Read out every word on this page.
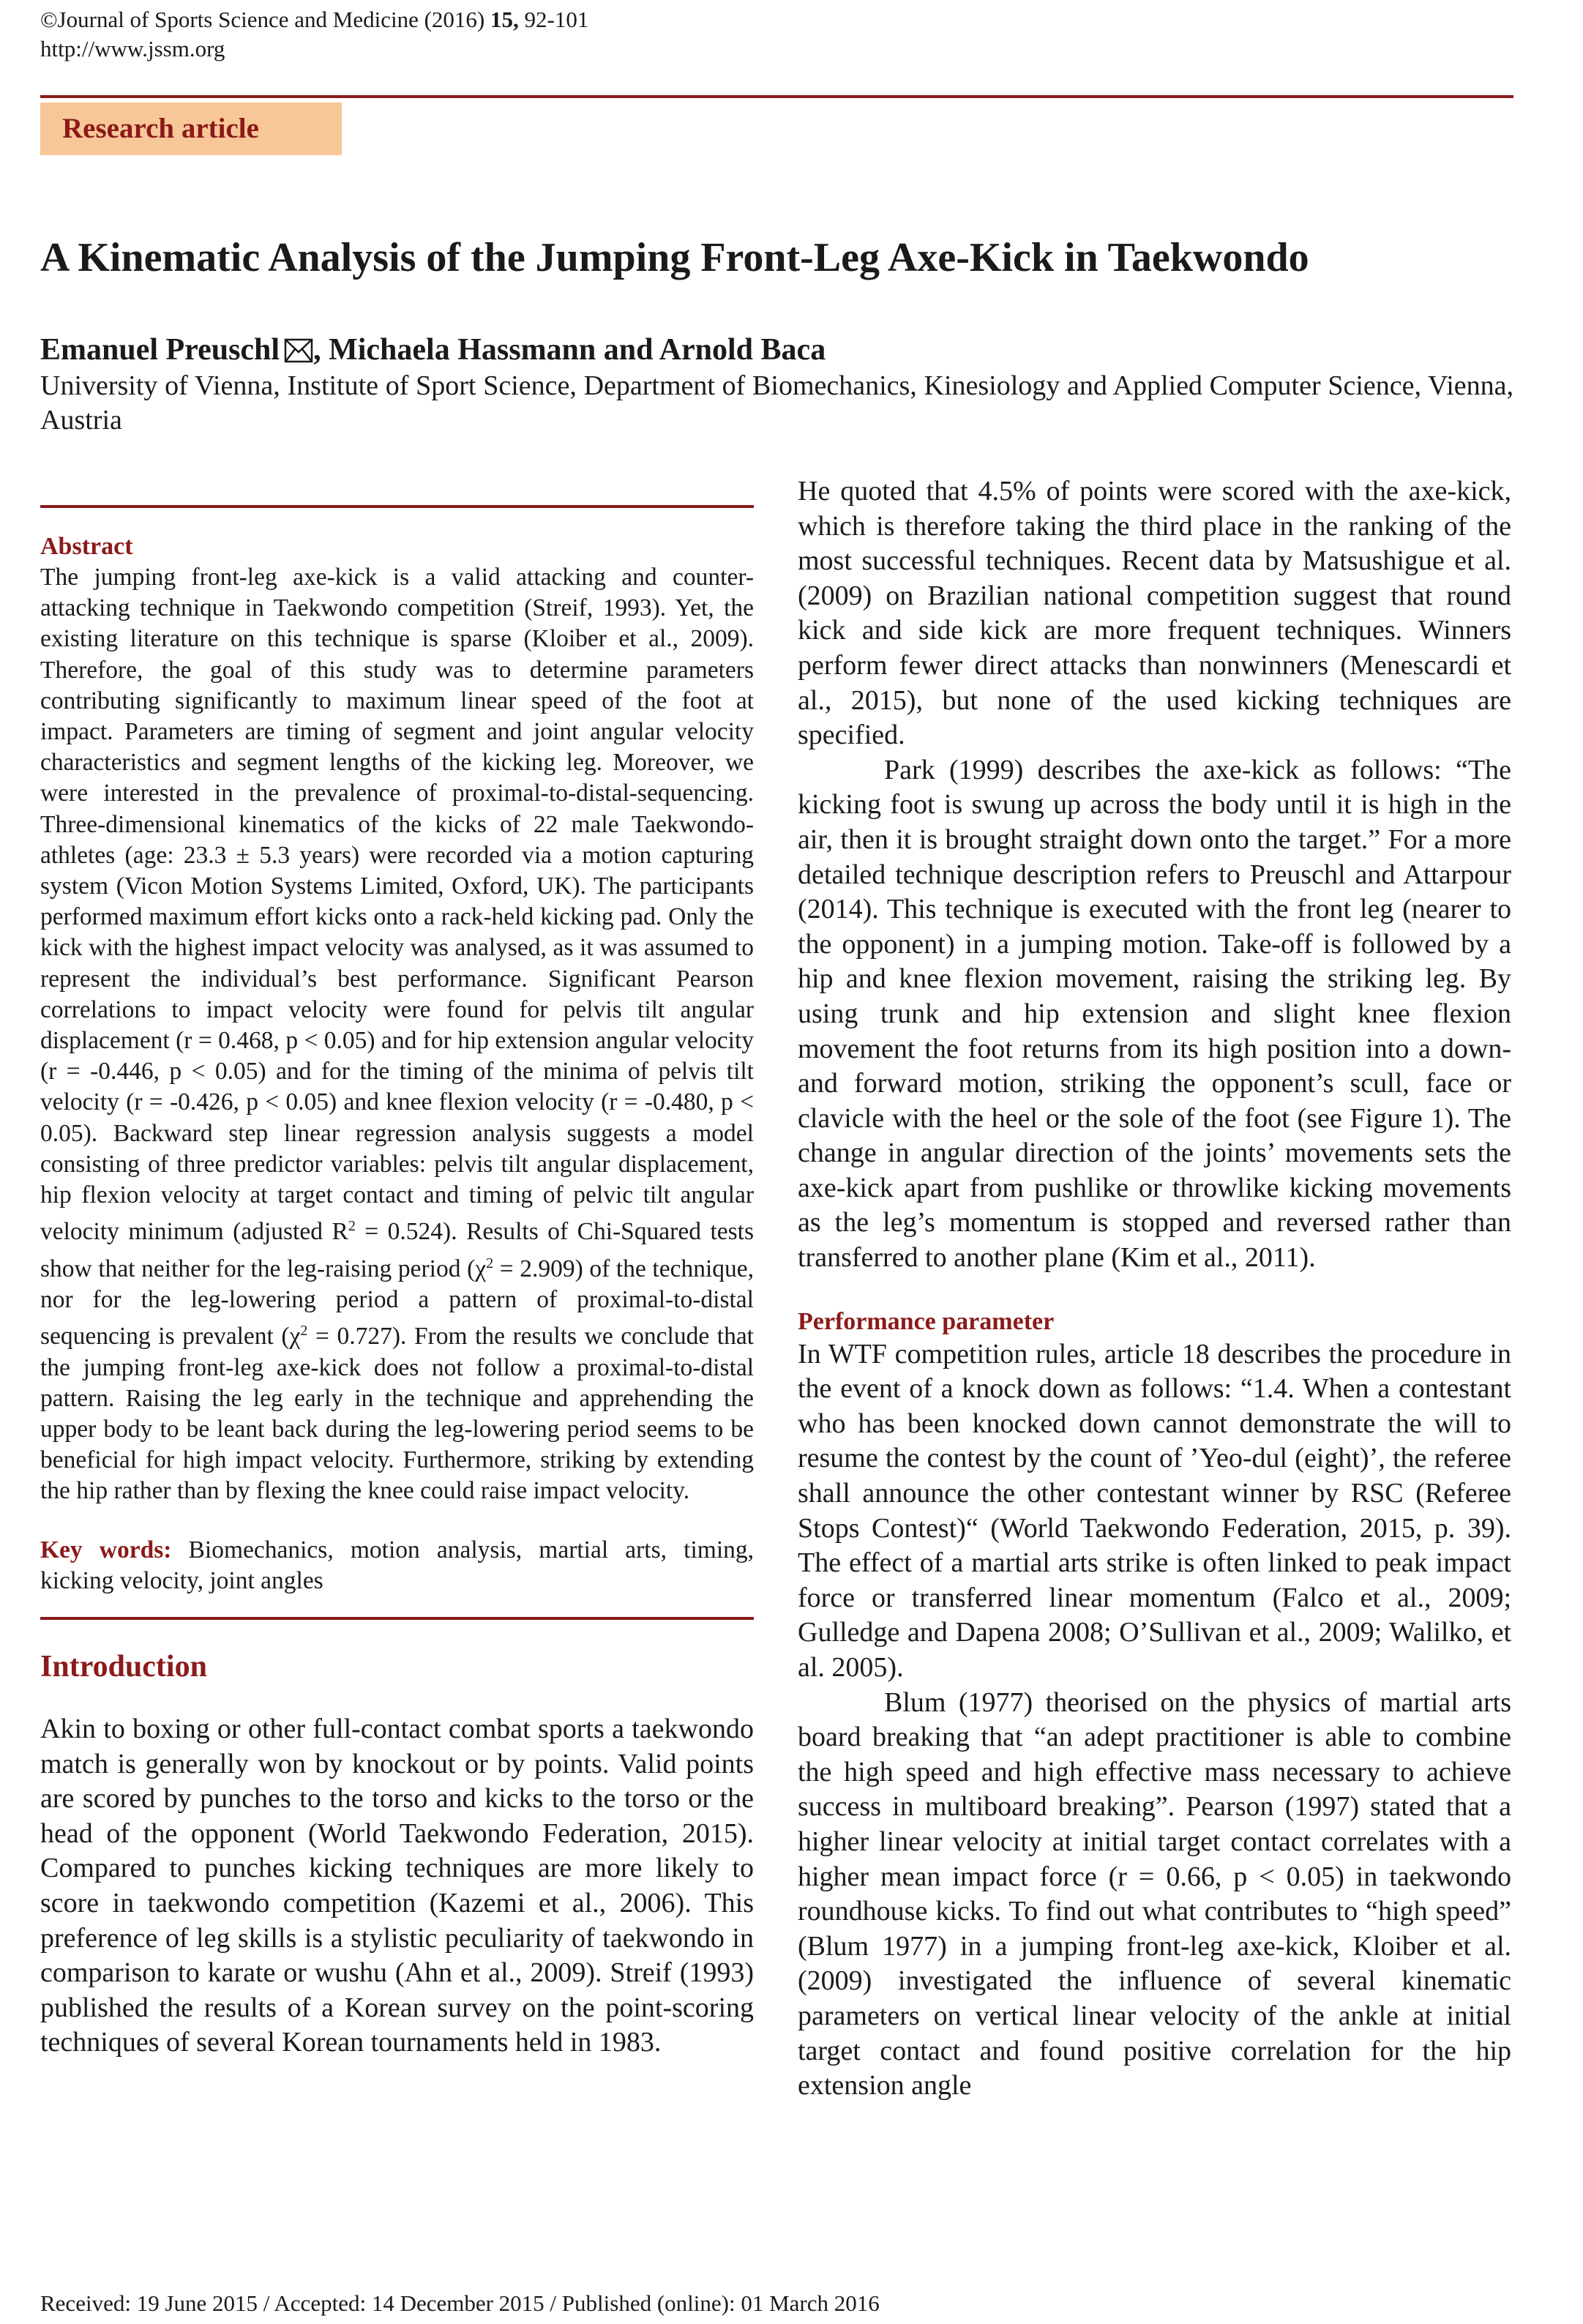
©Journal of Sports Science and Medicine (2016) 15, 92-101
http://www.jssm.org
Research article
A Kinematic Analysis of the Jumping Front-Leg Axe-Kick in Taekwondo
Emanuel Preuschl , Michaela Hassmann and Arnold Baca
University of Vienna, Institute of Sport Science, Department of Biomechanics, Kinesiology and Applied Computer Science, Vienna, Austria
Abstract

The jumping front-leg axe-kick is a valid attacking and counter-attacking technique in Taekwondo competition (Streif, 1993). Yet, the existing literature on this technique is sparse (Kloiber et al., 2009). Therefore, the goal of this study was to determine parameters contributing significantly to maximum linear speed of the foot at impact. Parameters are timing of segment and joint angular velocity characteristics and segment lengths of the kicking leg. Moreover, we were interested in the prevalence of proximal-to-distal-sequencing. Three-dimensional kinematics of the kicks of 22 male Taekwondo-athletes (age: 23.3 ± 5.3 years) were recorded via a motion capturing system (Vicon Motion Systems Limited, Oxford, UK). The participants performed maximum effort kicks onto a rack-held kicking pad. Only the kick with the highest impact velocity was analysed, as it was assumed to represent the individual’s best performance. Significant Pearson correlations to impact velocity were found for pelvis tilt angular displacement (r = 0.468, p < 0.05) and for hip extension angular velocity (r = -0.446, p < 0.05) and for the timing of the minima of pelvis tilt velocity (r = -0.426, p < 0.05) and knee flexion velocity (r = -0.480, p < 0.05). Backward step linear regression analysis suggests a model consisting of three predictor variables: pelvis tilt angular displacement, hip flexion velocity at target contact and timing of pelvic tilt angular velocity minimum (adjusted $R^2 = 0.524$). Results of Chi-Squared tests show that neither for the leg-raising period $(\chi^2 = 2.909)$ of the technique, nor for the leg-lowering period a pattern of proximal-to-distal sequencing is prevalent $(\chi^2 = 0.727)$. From the results we conclude that the jumping front-leg axe-kick does not follow a proximal-to-distal pattern. Raising the leg early in the technique and apprehending the upper body to be leant back during the leg-lowering period seems to be beneficial for high impact velocity. Furthermore, striking by extending the hip rather than by flexing the knee could raise impact velocity.

Key words: Biomechanics, motion analysis, martial arts, timing, kicking velocity, joint angles

Introduction

Akin to boxing or other full-contact combat sports a taekwondo match is generally won by knockout or by points. Valid points are scored by punches to the torso and kicks to the torso or the head of the opponent (World Taekwondo Federation, 2015). Compared to punches kicking techniques are more likely to score in taekwondo competition (Kazemi et al., 2006). This preference of leg skills is a stylistic peculiarity of taekwondo in comparison to karate or wushu (Ahn et al., 2009). Streif (1993) published the results of a Korean survey on the point-scoring techniques of several Korean tournaments held in 1983.

He quoted that 4.5% of points were scored with the axe-kick, which is therefore taking the third place in the ranking of the most successful techniques. Recent data by Matsushigue et al. (2009) on Brazilian national competition suggest that round kick and side kick are more frequent techniques. Winners perform fewer direct attacks than nonwinners (Menescardi et al., 2015), but none of the used kicking techniques are specified.

Park (1999) describes the axe-kick as follows: “The kicking foot is swung up across the body until it is high in the air, then it is brought straight down onto the target.” For a more detailed technique description refers to Preuschl and Attarpour (2014). This technique is executed with the front leg (nearer to the opponent) in a jumping motion. Take-off is followed by a hip and knee flexion movement, raising the striking leg. By using trunk and hip extension and slight knee flexion movement the foot returns from its high position into a down- and forward motion, striking the opponent’s scull, face or clavicle with the heel or the sole of the foot (see Figure 1). The change in angular direction of the joints’ movements sets the axe-kick apart from pushlike or throwlike kicking movements as the leg’s momentum is stopped and reversed rather than transferred to another plane (Kim et al., 2011).

Performance parameter

In WTF competition rules, article 18 describes the procedure in the event of a knock down as follows: “1.4. When a contestant who has been knocked down cannot demonstrate the will to resume the contest by the count of ’Yeo-dul (eight)’, the referee shall announce the other contestant winner by RSC (Referee Stops Contest)“ (World Taekwondo Federation, 2015, p. 39). The effect of a martial arts strike is often linked to peak impact force or transferred linear momentum (Falco et al., 2009; Gulledge and Dapena 2008; O’Sullivan et al., 2009; Walilko, et al. 2005).

Blum (1977) theorised on the physics of martial arts board breaking that “an adept practitioner is able to combine the high speed and high effective mass necessary to achieve success in multiboard breaking”. Pearson (1997) stated that a higher linear velocity at initial target contact correlates with a higher mean impact force (r = 0.66, p < 0.05) in taekwondo roundhouse kicks. To find out what contributes to “high speed” (Blum 1977) in a jumping front-leg axe-kick, Kloiber et al. (2009) investigated the influence of several kinematic parameters on vertical linear velocity of the ankle at initial target contact and found positive correlation for the hip extension angle

Received: 19 June 2015 / Accepted: 14 December 2015 / Published (online): 01 March 2016
